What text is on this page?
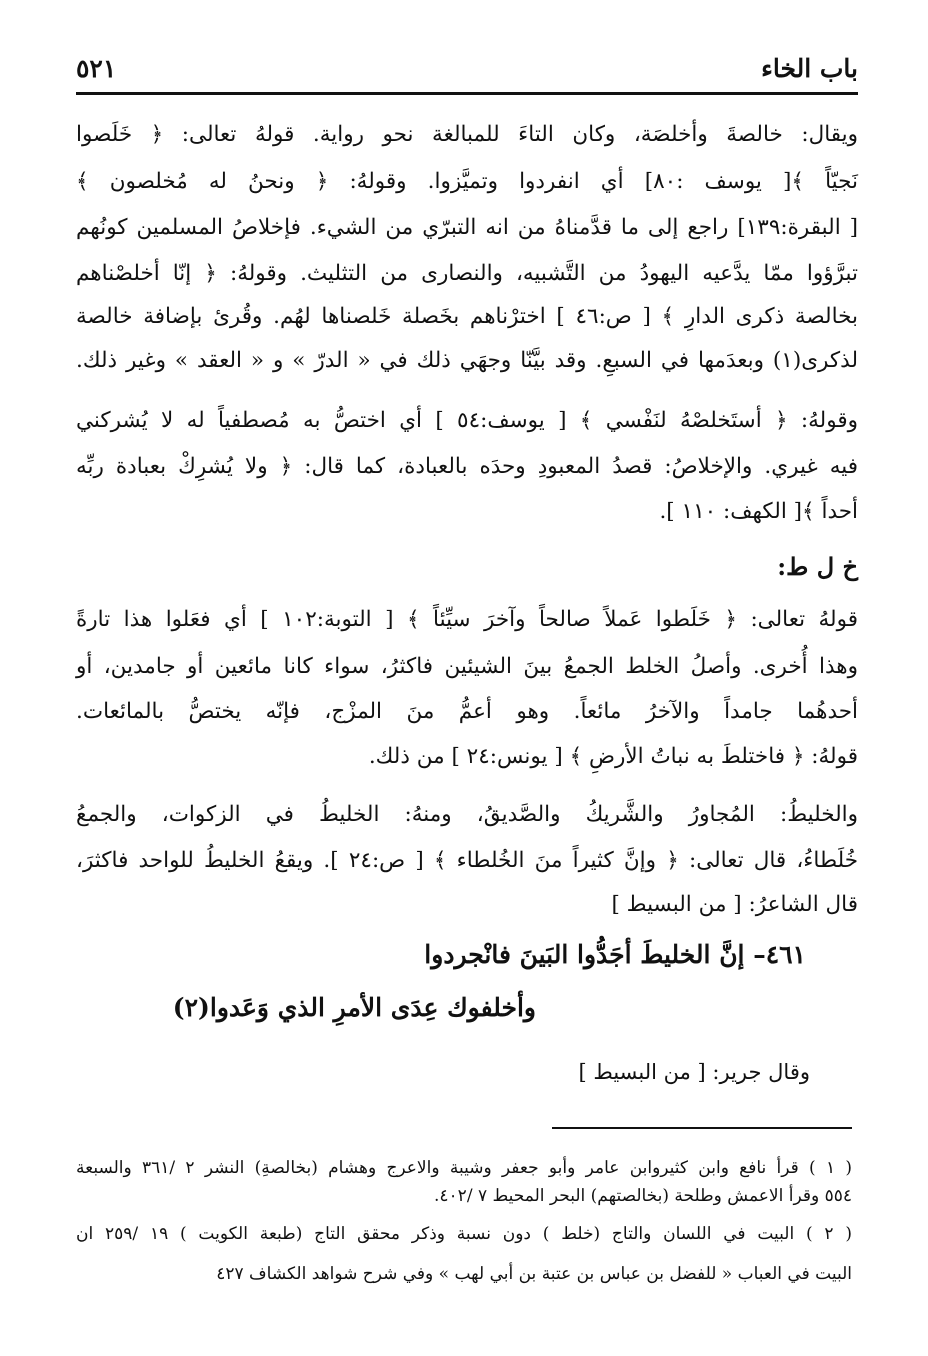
باب الخاء
٥٢١
ويقال: خالصةَ وأخلصَة، وكان التاءَ للمبالغة نحو رواية. قولهُ تعالى: ﴿ خَلَصوا
نَجيّاً ﴾[ يوسف :٨٠] أي انفردوا وتميَّزوا. وقولهُ: ﴿ ونحنُ له مُخلصون ﴾
[ البقرة:١٣٩] راجع إلى ما قدَّمناهُ من انه التبرّي من الشيء. فإخلاصُ المسلمين كونُهم
تبرَّؤوا ممّا يدَّعيه اليهودُ من التَّشبيه، والنصارى من التثليث. وقولهُ: ﴿ إنّا أخلصْناهم
بخالصة ذكرى الدارِ ﴾ [ ص:٤٦ ] اخترْناهم بخَصلة خَلصناها لهُم. وقُرئ بإضافة خالصة
لذكرى(١) وبعدَمها في السبعِ. وقد بيَّنّا وجهَي ذلك في « الدرّ » و « العقد » وغير ذلك.
وقولهُ: ﴿ أستَخلصْهُ لنَفْسي ﴾ [ يوسف:٥٤ ] أي اختصُّ به مُصطفياً له لا يُشركني
فيه غيري. والإخلاصُ: قصدُ المعبودِ وحدَه بالعبادة، كما قال: ﴿ ولا يُشرِكْ بعبادة ربِّه
أحداً ﴾[ الكهف: ١١٠ ].
خ ل ط:
قولهُ تعالى: ﴿ خَلَطوا عَملاً صالحاً وآخرَ سيِّئاً ﴾ [ التوبة:١٠٢ ] أي فعَلوا هذا تارةً
وهذا أُخرى. وأصلُ الخلط الجمعُ بينَ الشيئين فاكثرُ، سواء كانا مائعين أو جامدين، أو
أحدهُما جامداً والآخرُ مائعاً. وهو أعمُّ منَ المزْج، فإنّه يختصُّ بالمائعات.
قولهُ: ﴿ فاختلطَ به نباتُ الأرضِ ﴾ [ يونس:٢٤ ] من ذلك.
والخليطُ: المُجاورُ والشَّريكُ والصَّديقُ، ومنهُ: الخليطُ في الزكوات، والجمعُ
خُلَطاءُ، قال تعالى: ﴿ وإنَّ كثيراً منَ الخُلطاء ﴾ [ ص:٢٤ ]. ويقعُ الخليطُ للواحد فاكثرَ،
قال الشاعرُ: [ من البسيط ]
٤٦١– إنَّ الخليطَ أجَدُّوا البَينَ فانْجردوا
وأخلفوك عِدَى الأمرِ الذي وَعَدوا(٢)
وقال جرير: [ من البسيط ]
( ١ ) قرأ نافع وابن كثيروابن عامر وأبو جعفر وشيبة والاعرج وهشام (بخالصةِ) النشر ٢ /٣٦١ والسبعة
٥٥٤ وقرأ الاعمش وطلحة (بخالصتهم) البحر المحيط ٧ /٤٠٢.
( ٢ ) البيت في اللسان والتاج (خلط ) دون نسبة وذكر محقق التاج (طبعة الكويت ) ١٩ /٢٥٩ ان
البيت في العباب « للفضل بن عباس بن عتبة بن أبي لهب » وفي شرح شواهد الكشاف ٤٢٧
